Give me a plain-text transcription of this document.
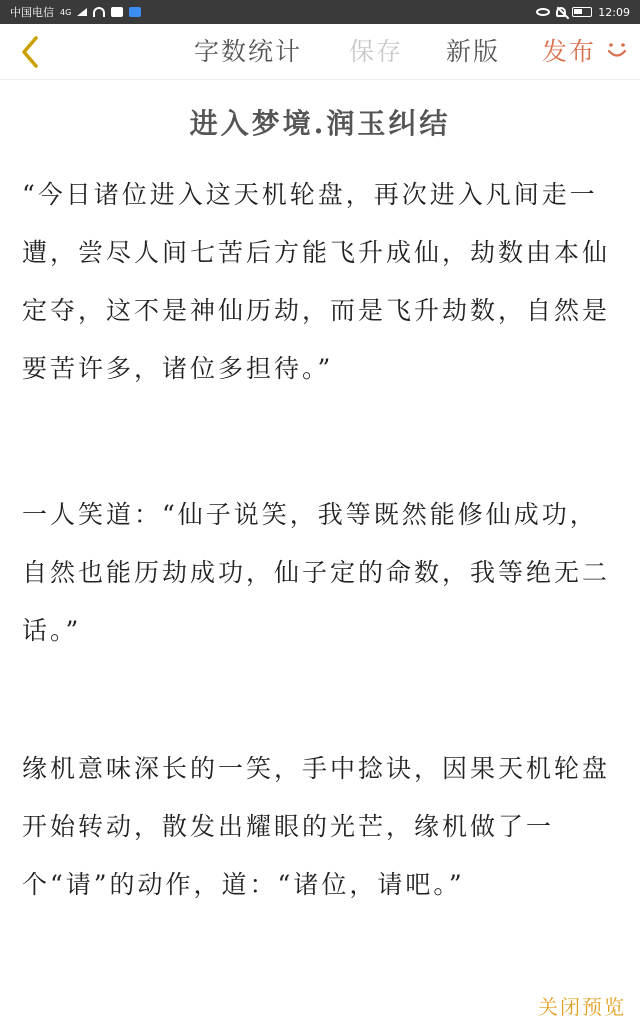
中国电信 4G	12:09
字数统计 保存 新版 发布
进入梦境.润玉纠结

“今日诸位进入这天机轮盘，再次进入凡间走一遭，尝尽人间七苦后方能飞升成仙，劫数由本仙定夺，这不是神仙历劫，而是飞升劫数，自然是要苦许多，诸位多担待。”

一人笑道：“仙子说笑，我等既然能修仙成功，自然也能历劫成功，仙子定的命数，我等绝无二话。”

缘机意味深长的一笑，手中捻诀，因果天机轮盘开始转动，散发出耀眼的光芒，缘机做了一个“请”的动作，道：“诸位，请吧。”

关闭预览
